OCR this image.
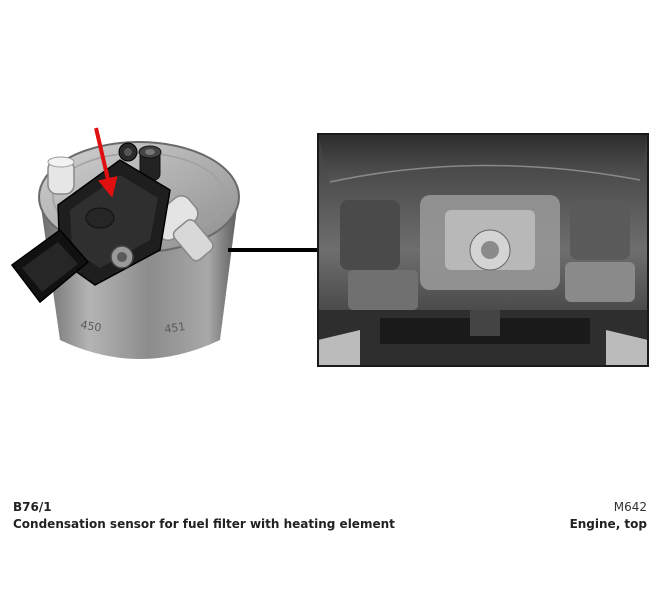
450	451
B76/1
Condensation sensor for fuel filter with heating element
M642
Engine, top
